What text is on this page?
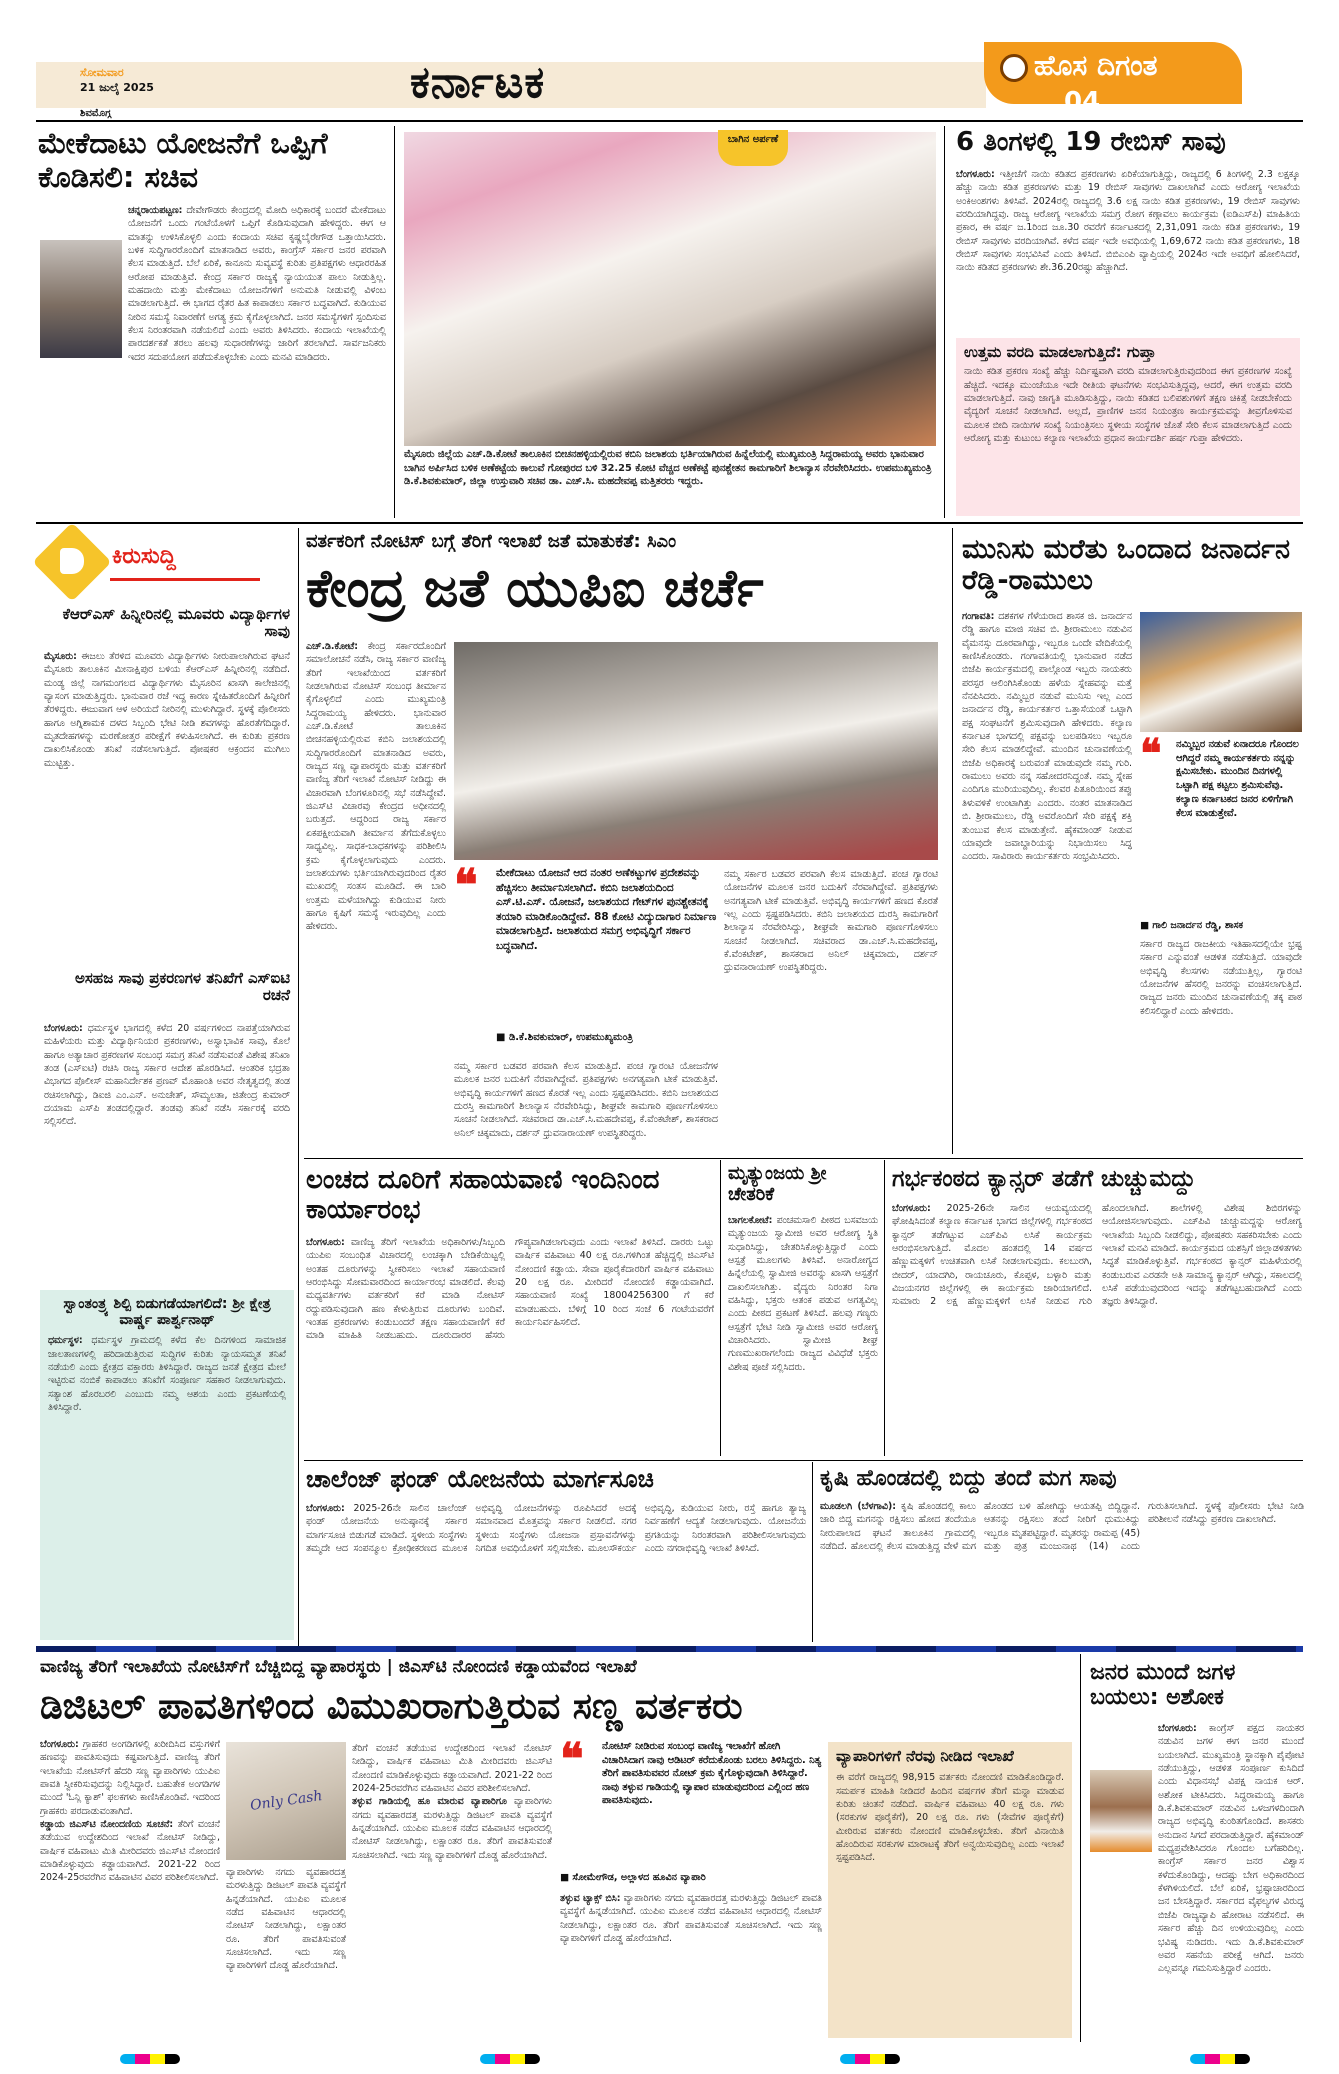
ಸೋಮವಾರ
21 ಜುಲೈ 2025
ಶಿವಮೊಗ್ಗ
ಕರ್ನಾಟಕ	ಹೊಸ ದಿಗಂತ
04
ಮೇಕೆದಾಟು ಯೋಜನೆಗೆ ಒಪ್ಪಿಗೆ ಕೊಡಿಸಲಿ: ಸಚಿವ
ಚನ್ನರಾಯಪಟ್ಟಣ: ದೇವೇಗೌಡರು ಕೇಂದ್ರದಲ್ಲಿ ಮೋದಿ ಅಧಿಕಾರಕ್ಕೆ ಬಂದರೆ ಮೇಕೆದಾಟು ಯೋಜನೆಗೆ ಒಂದು ಗಂಟೆಯೊಳಗೆ ಒಪ್ಪಿಗೆ ಕೊಡಿಸುವುದಾಗಿ ಹೇಳಿದ್ದರು. ಈಗ ಆ ಮಾತನ್ನು ಉಳಿಸಿಕೊಳ್ಳಲಿ ಎಂದು ಕಂದಾಯ ಸಚಿವ ಕೃಷ್ಣಬೈರೇಗೌಡ ಒತ್ತಾಯಿಸಿದರು. ಬಳಿಕ ಸುದ್ದಿಗಾರರೊಂದಿಗೆ ಮಾತನಾಡಿದ ಅವರು, ಕಾಂಗ್ರೆಸ್ ಸರ್ಕಾರ ಜನರ ಪರವಾಗಿ ಕೆಲಸ ಮಾಡುತ್ತಿದೆ. ಬೆಲೆ ಏರಿಕೆ, ಕಾನೂನು ಸುವ್ಯವಸ್ಥೆ ಕುರಿತು ಪ್ರತಿಪಕ್ಷಗಳು ಆಧಾರರಹಿತ ಆರೋಪ ಮಾಡುತ್ತಿವೆ. ಕೇಂದ್ರ ಸರ್ಕಾರ ರಾಜ್ಯಕ್ಕೆ ನ್ಯಾಯಯುತ ಪಾಲು ನೀಡುತ್ತಿಲ್ಲ. ಮಹದಾಯಿ ಮತ್ತು ಮೇಕೆದಾಟು ಯೋಜನೆಗಳಿಗೆ ಅನುಮತಿ ನೀಡುವಲ್ಲಿ ವಿಳಂಬ ಮಾಡಲಾಗುತ್ತಿದೆ. ಈ ಭಾಗದ ರೈತರ ಹಿತ ಕಾಪಾಡಲು ಸರ್ಕಾರ ಬದ್ಧವಾಗಿದೆ. ಕುಡಿಯುವ ನೀರಿನ ಸಮಸ್ಯೆ ನಿವಾರಣೆಗೆ ಅಗತ್ಯ ಕ್ರಮ ಕೈಗೊಳ್ಳಲಾಗಿದೆ. ಜನರ ಸಮಸ್ಯೆಗಳಿಗೆ ಸ್ಪಂದಿಸುವ ಕೆಲಸ ನಿರಂತರವಾಗಿ ನಡೆಯಲಿದೆ ಎಂದು ಅವರು ತಿಳಿಸಿದರು. ಕಂದಾಯ ಇಲಾಖೆಯಲ್ಲಿ ಪಾರದರ್ಶಕತೆ ತರಲು ಹಲವು ಸುಧಾರಣೆಗಳನ್ನು ಜಾರಿಗೆ ತರಲಾಗಿದೆ. ಸಾರ್ವಜನಿಕರು ಇದರ ಸದುಪಯೋಗ ಪಡೆದುಕೊಳ್ಳಬೇಕು ಎಂದು ಮನವಿ ಮಾಡಿದರು.
ಬಾಗಿನ ಅರ್ಪಣೆ
ಮೈಸೂರು ಜಿಲ್ಲೆಯ ಎಚ್.ಡಿ.ಕೋಟೆ ತಾಲೂಕಿನ ಬೀಚನಹಳ್ಳಿಯಲ್ಲಿರುವ ಕಬಿನಿ ಜಲಾಶಯ ಭರ್ತಿಯಾಗಿರುವ ಹಿನ್ನೆಲೆಯಲ್ಲಿ ಮುಖ್ಯಮಂತ್ರಿ ಸಿದ್ದರಾಮಯ್ಯ ಅವರು ಭಾನುವಾರ ಬಾಗಿನ ಅರ್ಪಿಸಿದ ಬಳಿಕ ಅಣೆಕಟ್ಟೆಯ ಕಾಲುವೆ ಗೋಪುರದ ಬಳಿ 32.25 ಕೋಟಿ ವೆಚ್ಚದ ಅಣೆಕಟ್ಟೆ ಪುನಶ್ಚೇತನ ಕಾಮಗಾರಿಗೆ ಶಿಲಾನ್ಯಾಸ ನೆರವೇರಿಸಿದರು. ಉಪಮುಖ್ಯಮಂತ್ರಿ ಡಿ.ಕೆ.ಶಿವಕುಮಾರ್, ಜಿಲ್ಲಾ ಉಸ್ತುವಾರಿ ಸಚಿವ ಡಾ. ಎಚ್.ಸಿ. ಮಹದೇವಪ್ಪ ಮತ್ತಿತರರು ಇದ್ದರು.
6 ತಿಂಗಳಲ್ಲಿ 19 ರೇಬಿಸ್ ಸಾವು
ಬೆಂಗಳೂರು: ಇತ್ತೀಚೆಗೆ ನಾಯಿ ಕಡಿತದ ಪ್ರಕರಣಗಳು ಏರಿಕೆಯಾಗುತ್ತಿದ್ದು, ರಾಜ್ಯದಲ್ಲಿ 6 ತಿಂಗಳಲ್ಲಿ 2.3 ಲಕ್ಷಕ್ಕೂ ಹೆಚ್ಚು ನಾಯಿ ಕಡಿತ ಪ್ರಕರಣಗಳು ಮತ್ತು 19 ರೇಬಿಸ್ ಸಾವುಗಳು ದಾಖಲಾಗಿವೆ ಎಂದು ಆರೋಗ್ಯ ಇಲಾಖೆಯ ಅಂಕಿಅಂಶಗಳು ತಿಳಿಸಿವೆ. 2024ರಲ್ಲಿ ರಾಜ್ಯದಲ್ಲಿ 3.6 ಲಕ್ಷ ನಾಯಿ ಕಡಿತ ಪ್ರಕರಣಗಳು, 19 ರೇಬಿಸ್ ಸಾವುಗಳು ವರದಿಯಾಗಿದ್ದವು. ರಾಜ್ಯ ಆರೋಗ್ಯ ಇಲಾಖೆಯ ಸಮಗ್ರ ರೋಗ ಕಣ್ಗಾವಲು ಕಾರ್ಯಕ್ರಮ (ಐಡಿಎಸ್‌ಪಿ) ಮಾಹಿತಿಯ ಪ್ರಕಾರ, ಈ ವರ್ಷ ಜ.1ರಿಂದ ಜೂ.30 ರವರೆಗೆ ಕರ್ನಾಟಕದಲ್ಲಿ 2,31,091 ನಾಯಿ ಕಡಿತ ಪ್ರಕರಣಗಳು, 19 ರೇಬಿಸ್ ಸಾವುಗಳು ವರದಿಯಾಗಿವೆ. ಕಳೆದ ವರ್ಷ ಇದೇ ಅವಧಿಯಲ್ಲಿ 1,69,672 ನಾಯಿ ಕಡಿತ ಪ್ರಕರಣಗಳು, 18 ರೇಬಿಸ್ ಸಾವುಗಳು ಸಂಭವಿಸಿವೆ ಎಂದು ತಿಳಿಸಿದೆ. ಬಿಬಿಎಂಪಿ ವ್ಯಾಪ್ತಿಯಲ್ಲಿ 2024ರ ಇದೇ ಅವಧಿಗೆ ಹೋಲಿಸಿದರೆ, ನಾಯಿ ಕಡಿತದ ಪ್ರಕರಣಗಳು ಶೇ.36.20ರಷ್ಟು ಹೆಚ್ಚಾಗಿದೆ.
ಉತ್ತಮ ವರದಿ ಮಾಡಲಾಗುತ್ತಿದೆ: ಗುಪ್ತಾ
ನಾಯಿ ಕಡಿತ ಪ್ರಕರಣ ಸಂಖ್ಯೆ ಹೆಚ್ಚು ನಿರ್ದಿಷ್ಟವಾಗಿ ವರದಿ ಮಾಡಲಾಗುತ್ತಿರುವುದರಿಂದ ಈಗ ಪ್ರಕರಣಗಳ ಸಂಖ್ಯೆ ಹೆಚ್ಚಿದೆ. ಇದಕ್ಕೂ ಮುಂಚೆಯೂ ಇದೇ ರೀತಿಯ ಘಟನೆಗಳು ಸಂಭವಿಸುತ್ತಿದ್ದವು, ಆದರೆ, ಈಗ ಉತ್ತಮ ವರದಿ ಮಾಡಲಾಗುತ್ತಿದೆ. ನಾವು ಜಾಗೃತಿ ಮೂಡಿಸುತ್ತಿದ್ದು, ನಾಯಿ ಕಡಿತದ ಬಲಿಪಶುಗಳಿಗೆ ತಕ್ಷಣ ಚಿಕಿತ್ಸೆ ನೀಡಬೇಕೆಂದು ವೈದ್ಯರಿಗೆ ಸೂಚನೆ ನೀಡಲಾಗಿದೆ. ಅಲ್ಲದೆ, ಪ್ರಾಣಿಗಳ ಜನನ ನಿಯಂತ್ರಣ ಕಾರ್ಯಕ್ರಮವನ್ನು ತೀವ್ರಗೊಳಿಸುವ ಮೂಲಕ ಬೀದಿ ನಾಯಿಗಳ ಸಂಖ್ಯೆ ನಿಯಂತ್ರಿಸಲು ಸ್ಥಳೀಯ ಸಂಸ್ಥೆಗಳ ಜೊತೆ ಸೇರಿ ಕೆಲಸ ಮಾಡಲಾಗುತ್ತಿದೆ ಎಂದು ಆರೋಗ್ಯ ಮತ್ತು ಕುಟುಂಬ ಕಲ್ಯಾಣ ಇಲಾಖೆಯ ಪ್ರಧಾನ ಕಾರ್ಯದರ್ಶಿ ಹರ್ಷ ಗುಪ್ತಾ ಹೇಳಿದರು.
ಕಿರುಸುದ್ದಿ
ಕೆಆರ್‌ಎಸ್ ಹಿನ್ನೀರಿನಲ್ಲಿ ಮೂವರು ವಿದ್ಯಾರ್ಥಿಗಳ ಸಾವು
ಮೈಸೂರು: ಈಜಲು ತೆರಳಿದ ಮೂವರು ವಿದ್ಯಾರ್ಥಿಗಳು ನೀರುಪಾಲಾಗಿರುವ ಘಟನೆ ಮೈಸೂರು ತಾಲೂಕಿನ ಮೀನಾಕ್ಷಿಪುರ ಬಳಿಯ ಕೆಆರ್‌ಎಸ್ ಹಿನ್ನೀರಿನಲ್ಲಿ ನಡೆದಿದೆ. ಮಂಡ್ಯ ಜಿಲ್ಲೆ ನಾಗಮಂಗಲದ ವಿದ್ಯಾರ್ಥಿಗಳು ಮೈಸೂರಿನ ಖಾಸಗಿ ಕಾಲೇಜಿನಲ್ಲಿ ವ್ಯಾಸಂಗ ಮಾಡುತ್ತಿದ್ದರು. ಭಾನುವಾರ ರಜೆ ಇದ್ದ ಕಾರಣ ಸ್ನೇಹಿತರೊಂದಿಗೆ ಹಿನ್ನೀರಿಗೆ ತೆರಳಿದ್ದರು. ಈಜುವಾಗ ಆಳ ಅರಿಯದೆ ನೀರಿನಲ್ಲಿ ಮುಳುಗಿದ್ದಾರೆ. ಸ್ಥಳಕ್ಕೆ ಪೊಲೀಸರು ಹಾಗೂ ಅಗ್ನಿಶಾಮಕ ದಳದ ಸಿಬ್ಬಂದಿ ಭೇಟಿ ನೀಡಿ ಶವಗಳನ್ನು ಹೊರತೆಗೆದಿದ್ದಾರೆ. ಮೃತದೇಹಗಳನ್ನು ಮರಣೋತ್ತರ ಪರೀಕ್ಷೆಗೆ ಕಳುಹಿಸಲಾಗಿದೆ. ಈ ಕುರಿತು ಪ್ರಕರಣ ದಾಖಲಿಸಿಕೊಂಡು ತನಿಖೆ ನಡೆಸಲಾಗುತ್ತಿದೆ. ಪೋಷಕರ ಆಕ್ರಂದನ ಮುಗಿಲು ಮುಟ್ಟಿತ್ತು.
ಅಸಹಜ ಸಾವು ಪ್ರಕರಣಗಳ ತನಿಖೆಗೆ ಎಸ್‌ಐಟಿ ರಚನೆ
ಬೆಂಗಳೂರು: ಧರ್ಮಸ್ಥಳ ಭಾಗದಲ್ಲಿ ಕಳೆದ 20 ವರ್ಷಗಳಿಂದ ನಾಪತ್ತೆಯಾಗಿರುವ ಮಹಿಳೆಯರು ಮತ್ತು ವಿದ್ಯಾರ್ಥಿನಿಯರ ಪ್ರಕರಣಗಳು, ಅಸ್ವಾಭಾವಿಕ ಸಾವು, ಕೊಲೆ ಹಾಗೂ ಅತ್ಯಾಚಾರ ಪ್ರಕರಣಗಳ ಸಂಬಂಧ ಸಮಗ್ರ ತನಿಖೆ ನಡೆಸುವಂತೆ ವಿಶೇಷ ತನಿಖಾ ತಂಡ (ಎಸ್‌ಐಟಿ) ರಚಿಸಿ ರಾಜ್ಯ ಸರ್ಕಾರ ಆದೇಶ ಹೊರಡಿಸಿದೆ. ಆಂತರಿಕ ಭದ್ರತಾ ವಿಭಾಗದ ಪೊಲೀಸ್ ಮಹಾನಿರ್ದೇಶಕ ಪ್ರಣವ್ ಮೊಹಾಂತಿ ಅವರ ನೇತೃತ್ವದಲ್ಲಿ ತಂಡ ರಚಿಸಲಾಗಿದ್ದು, ಡಿಐಜಿ ಎಂ.ಎನ್. ಅನುಚೇತ್, ಸೌಮ್ಯಲತಾ, ಜಿತೇಂದ್ರ ಕುಮಾರ್ ದಯಾಮ ಎಸ್‌ಪಿ ತಂಡದಲ್ಲಿದ್ದಾರೆ. ತಂಡವು ತನಿಖೆ ನಡೆಸಿ ಸರ್ಕಾರಕ್ಕೆ ವರದಿ ಸಲ್ಲಿಸಲಿದೆ.
ಸ್ವಾಂತಂತ್ರ್ಯ ಶಿಲ್ಪಿ ಬಿಡುಗಡೆಯಾಗಲಿದೆ: ಶ್ರೀ ಕ್ಷೇತ್ರ ವಾರ್ಷ್ಣ ಪಾರ್ಶ್ವನಾಥ್
ಧರ್ಮಸ್ಥಳ: ಧರ್ಮಸ್ಥಳ ಗ್ರಾಮದಲ್ಲಿ ಕಳೆದ ಕೆಲ ದಿನಗಳಿಂದ ಸಾಮಾಜಿಕ ಜಾಲತಾಣಗಳಲ್ಲಿ ಹರಿದಾಡುತ್ತಿರುವ ಸುದ್ದಿಗಳ ಕುರಿತು ನ್ಯಾಯಸಮ್ಮತ ತನಿಖೆ ನಡೆಯಲಿ ಎಂದು ಕ್ಷೇತ್ರದ ವಕ್ತಾರರು ತಿಳಿಸಿದ್ದಾರೆ. ರಾಜ್ಯದ ಜನತೆ ಕ್ಷೇತ್ರದ ಮೇಲೆ ಇಟ್ಟಿರುವ ನಂಬಿಕೆ ಕಾಪಾಡಲು ತನಿಖೆಗೆ ಸಂಪೂರ್ಣ ಸಹಕಾರ ನೀಡಲಾಗುವುದು. ಸತ್ಯಾಂಶ ಹೊರಬರಲಿ ಎಂಬುದು ನಮ್ಮ ಆಶಯ ಎಂದು ಪ್ರಕಟಣೆಯಲ್ಲಿ ತಿಳಿಸಿದ್ದಾರೆ.
ವರ್ತಕರಿಗೆ ನೋಟಿಸ್ ಬಗ್ಗೆ ತೆರಿಗೆ ಇಲಾಖೆ ಜತೆ ಮಾತುಕತೆ: ಸಿಎಂ
ಕೇಂದ್ರ ಜತೆ ಯುಪಿಐ ಚರ್ಚೆ
ಎಚ್.ಡಿ.ಕೋಟೆ: ಕೇಂದ್ರ ಸರ್ಕಾರದೊಂದಿಗೆ ಸಮಾಲೋಚನೆ ನಡೆಸಿ, ರಾಜ್ಯ ಸರ್ಕಾರ ವಾಣಿಜ್ಯ ತೆರಿಗೆ ಇಲಾಖೆಯಿಂದ ವರ್ತಕರಿಗೆ ನೀಡಲಾಗಿರುವ ನೋಟಿಸ್ ಸಂಬಂಧ ತೀರ್ಮಾನ ಕೈಗೊಳ್ಳಲಿದೆ ಎಂದು ಮುಖ್ಯಮಂತ್ರಿ ಸಿದ್ದರಾಮಯ್ಯ ಹೇಳಿದರು. ಭಾನುವಾರ ಎಚ್.ಡಿ.ಕೋಟೆ ತಾಲೂಕಿನ ಬೀಚನಹಳ್ಳಿಯಲ್ಲಿರುವ ಕಬಿನಿ ಜಲಾಶಯದಲ್ಲಿ ಸುದ್ದಿಗಾರರೊಂದಿಗೆ ಮಾತನಾಡಿದ ಅವರು, ರಾಜ್ಯದ ಸಣ್ಣ ವ್ಯಾಪಾರಸ್ಥರು ಮತ್ತು ವರ್ತಕರಿಗೆ ವಾಣಿಜ್ಯ ತೆರಿಗೆ ಇಲಾಖೆ ನೋಟಿಸ್ ನೀಡಿದ್ದು ಈ ವಿಚಾರವಾಗಿ ಬೆಂಗಳೂರಿನಲ್ಲಿ ಸಭೆ ನಡೆಸಿದ್ದೇವೆ. ಜಿಎಸ್‌ಟಿ ವಿಚಾರವು ಕೇಂದ್ರದ ಅಧೀನದಲ್ಲಿ ಬರುತ್ತದೆ. ಆದ್ದರಿಂದ ರಾಜ್ಯ ಸರ್ಕಾರ ಏಕಪಕ್ಷೀಯವಾಗಿ ತೀರ್ಮಾನ ತೆಗೆದುಕೊಳ್ಳಲು ಸಾಧ್ಯವಿಲ್ಲ. ಸಾಧಕ-ಬಾಧಕಗಳನ್ನು ಪರಿಶೀಲಿಸಿ ಕ್ರಮ ಕೈಗೊಳ್ಳಲಾಗುವುದು ಎಂದರು. ಜಲಾಶಯಗಳು ಭರ್ತಿಯಾಗಿರುವುದರಿಂದ ರೈತರ ಮುಖದಲ್ಲಿ ಸಂತಸ ಮೂಡಿದೆ. ಈ ಬಾರಿ ಉತ್ತಮ ಮಳೆಯಾಗಿದ್ದು ಕುಡಿಯುವ ನೀರು ಹಾಗೂ ಕೃಷಿಗೆ ಸಮಸ್ಯೆ ಇರುವುದಿಲ್ಲ ಎಂದು ಹೇಳಿದರು.
❝ ಮೇಕೆದಾಟು ಯೋಜನೆ ಆದ ನಂತರ ಅಣೆಕಟ್ಟುಗಳ ಪ್ರದೇಶವನ್ನು ಹೆಚ್ಚಿಸಲು ತೀರ್ಮಾನಿಸಲಾಗಿದೆ. ಕಬಿನಿ ಜಲಾಶಯದಿಂದ ಎಸ್.ಟಿ.ಎಸ್. ಯೋಜನೆ, ಜಲಾಶಯದ ಗೇಟ್‌ಗಳ ಪುನಶ್ಚೇತನಕ್ಕೆ ತಯಾರಿ ಮಾಡಿಕೊಂಡಿದ್ದೇವೆ. 88 ಕೋಟಿ ವಿದ್ಯುದಾಗಾರ ನಿರ್ಮಾಣ ಮಾಡಲಾಗುತ್ತಿದೆ. ಜಲಾಶಯದ ಸಮಗ್ರ ಅಭಿವೃದ್ಧಿಗೆ ಸರ್ಕಾರ ಬದ್ಧವಾಗಿದೆ.
■ ಡಿ.ಕೆ.ಶಿವಕುಮಾರ್, ಉಪಮುಖ್ಯಮಂತ್ರಿ
ನಮ್ಮ ಸರ್ಕಾರ ಬಡವರ ಪರವಾಗಿ ಕೆಲಸ ಮಾಡುತ್ತಿದೆ. ಪಂಚ ಗ್ಯಾರಂಟಿ ಯೋಜನೆಗಳ ಮೂಲಕ ಜನರ ಬದುಕಿಗೆ ನೆರವಾಗಿದ್ದೇವೆ. ಪ್ರತಿಪಕ್ಷಗಳು ಅನಗತ್ಯವಾಗಿ ಟೀಕೆ ಮಾಡುತ್ತಿವೆ. ಅಭಿವೃದ್ಧಿ ಕಾರ್ಯಗಳಿಗೆ ಹಣದ ಕೊರತೆ ಇಲ್ಲ ಎಂದು ಸ್ಪಷ್ಟಪಡಿಸಿದರು. ಕಬಿನಿ ಜಲಾಶಯದ ದುರಸ್ತಿ ಕಾಮಗಾರಿಗೆ ಶಿಲಾನ್ಯಾಸ ನೆರವೇರಿಸಿದ್ದು, ಶೀಘ್ರವೇ ಕಾಮಗಾರಿ ಪೂರ್ಣಗೊಳಿಸಲು ಸೂಚನೆ ನೀಡಲಾಗಿದೆ. ಸಚಿವರಾದ ಡಾ.ಎಚ್.ಸಿ.ಮಹದೇವಪ್ಪ, ಕೆ.ವೆಂಕಟೇಶ್, ಶಾಸಕರಾದ ಅನಿಲ್ ಚಿಕ್ಕಮಾದು, ದರ್ಶನ್ ಧ್ರುವನಾರಾಯಣ್ ಉಪಸ್ಥಿತರಿದ್ದರು.
ನಮ್ಮ ಸರ್ಕಾರ ಬಡವರ ಪರವಾಗಿ ಕೆಲಸ ಮಾಡುತ್ತಿದೆ. ಪಂಚ ಗ್ಯಾರಂಟಿ ಯೋಜನೆಗಳ ಮೂಲಕ ಜನರ ಬದುಕಿಗೆ ನೆರವಾಗಿದ್ದೇವೆ. ಪ್ರತಿಪಕ್ಷಗಳು ಅನಗತ್ಯವಾಗಿ ಟೀಕೆ ಮಾಡುತ್ತಿವೆ. ಅಭಿವೃದ್ಧಿ ಕಾರ್ಯಗಳಿಗೆ ಹಣದ ಕೊರತೆ ಇಲ್ಲ ಎಂದು ಸ್ಪಷ್ಟಪಡಿಸಿದರು. ಕಬಿನಿ ಜಲಾಶಯದ ದುರಸ್ತಿ ಕಾಮಗಾರಿಗೆ ಶಿಲಾನ್ಯಾಸ ನೆರವೇರಿಸಿದ್ದು, ಶೀಘ್ರವೇ ಕಾಮಗಾರಿ ಪೂರ್ಣಗೊಳಿಸಲು ಸೂಚನೆ ನೀಡಲಾಗಿದೆ. ಸಚಿವರಾದ ಡಾ.ಎಚ್.ಸಿ.ಮಹದೇವಪ್ಪ, ಕೆ.ವೆಂಕಟೇಶ್, ಶಾಸಕರಾದ ಅನಿಲ್ ಚಿಕ್ಕಮಾದು, ದರ್ಶನ್ ಧ್ರುವನಾರಾಯಣ್ ಉಪಸ್ಥಿತರಿದ್ದರು.
ಮುನಿಸು ಮರೆತು ಒಂದಾದ ಜನಾರ್ದನ ರೆಡ್ಡಿ-ರಾಮುಲು
ಗಂಗಾವತಿ: ದಶಕಗಳ ಗೆಳೆಯರಾದ ಶಾಸಕ ಜಿ. ಜನಾರ್ದನ ರೆಡ್ಡಿ ಹಾಗೂ ಮಾಜಿ ಸಚಿವ ಬಿ. ಶ್ರೀರಾಮುಲು ನಡುವಿನ ವೈಮನಸ್ಸು ದೂರವಾಗಿದ್ದು, ಇಬ್ಬರೂ ಒಂದೇ ವೇದಿಕೆಯಲ್ಲಿ ಕಾಣಿಸಿಕೊಂಡರು. ಗಂಗಾವತಿಯಲ್ಲಿ ಭಾನುವಾರ ನಡೆದ ಬಿಜೆಪಿ ಕಾರ್ಯಕ್ರಮದಲ್ಲಿ ಪಾಲ್ಗೊಂಡ ಇಬ್ಬರು ನಾಯಕರು ಪರಸ್ಪರ ಆಲಿಂಗಿಸಿಕೊಂಡು ಹಳೆಯ ಸ್ನೇಹವನ್ನು ಮತ್ತೆ ನೆನಪಿಸಿದರು. ನಮ್ಮಿಬ್ಬರ ನಡುವೆ ಮುನಿಸು ಇಲ್ಲ ಎಂದ ಜನಾರ್ದನ ರೆಡ್ಡಿ, ಕಾರ್ಯಕರ್ತರ ಒತ್ತಾಸೆಯಂತೆ ಒಟ್ಟಾಗಿ ಪಕ್ಷ ಸಂಘಟನೆಗೆ ಶ್ರಮಿಸುವುದಾಗಿ ಹೇಳಿದರು. ಕಲ್ಯಾಣ ಕರ್ನಾಟಕ ಭಾಗದಲ್ಲಿ ಪಕ್ಷವನ್ನು ಬಲಪಡಿಸಲು ಇಬ್ಬರೂ ಸೇರಿ ಕೆಲಸ ಮಾಡಲಿದ್ದೇವೆ. ಮುಂದಿನ ಚುನಾವಣೆಯಲ್ಲಿ ಬಿಜೆಪಿ ಅಧಿಕಾರಕ್ಕೆ ಬರುವಂತೆ ಮಾಡುವುದೇ ನಮ್ಮ ಗುರಿ. ರಾಮುಲು ಅವರು ನನ್ನ ಸಹೋದರನಿದ್ದಂತೆ. ನಮ್ಮ ಸ್ನೇಹ ಎಂದಿಗೂ ಮುರಿಯುವುದಿಲ್ಲ. ಕೆಲವರ ಪಿತೂರಿಯಿಂದ ತಪ್ಪು ತಿಳುವಳಿಕೆ ಉಂಟಾಗಿತ್ತು ಎಂದರು. ನಂತರ ಮಾತನಾಡಿದ ಬಿ. ಶ್ರೀರಾಮುಲು, ರೆಡ್ಡಿ ಅವರೊಂದಿಗೆ ಸೇರಿ ಪಕ್ಷಕ್ಕೆ ಶಕ್ತಿ ತುಂಬುವ ಕೆಲಸ ಮಾಡುತ್ತೇನೆ. ಹೈಕಮಾಂಡ್ ನೀಡುವ ಯಾವುದೇ ಜವಾಬ್ದಾರಿಯನ್ನು ನಿಭಾಯಿಸಲು ಸಿದ್ಧ ಎಂದರು. ಸಾವಿರಾರು ಕಾರ್ಯಕರ್ತರು ಸಂಭ್ರಮಿಸಿದರು.
❝ ನಮ್ಮಿಬ್ಬರ ನಡುವೆ ಏನಾದರೂ ಗೊಂದಲ ಆಗಿದ್ದರೆ ನಮ್ಮ ಕಾರ್ಯಕರ್ತರು ನನ್ನನ್ನು ಕ್ಷಮಿಸಬೇಕು. ಮುಂದಿನ ದಿನಗಳಲ್ಲಿ ಒಟ್ಟಾಗಿ ಪಕ್ಷ ಕಟ್ಟಲು ಶ್ರಮಿಸುವೆವು. ಕಲ್ಯಾಣ ಕರ್ನಾಟಕದ ಜನರ ಏಳಿಗೆಗಾಗಿ ಕೆಲಸ ಮಾಡುತ್ತೇವೆ.
■ ಗಾಲಿ ಜನಾರ್ದನ ರೆಡ್ಡಿ, ಶಾಸಕ
ಸರ್ಕಾರ ರಾಜ್ಯದ ರಾಜಕೀಯ ಇತಿಹಾಸದಲ್ಲಿಯೇ ಭ್ರಷ್ಟ ಸರ್ಕಾರ ಎನ್ನುವಂತೆ ಆಡಳಿತ ನಡೆಸುತ್ತಿದೆ. ಯಾವುದೇ ಅಭಿವೃದ್ಧಿ ಕೆಲಸಗಳು ನಡೆಯುತ್ತಿಲ್ಲ, ಗ್ಯಾರಂಟಿ ಯೋಜನೆಗಳ ಹೆಸರಲ್ಲಿ ಜನರನ್ನು ವಂಚಿಸಲಾಗುತ್ತಿದೆ. ರಾಜ್ಯದ ಜನರು ಮುಂದಿನ ಚುನಾವಣೆಯಲ್ಲಿ ತಕ್ಕ ಪಾಠ ಕಲಿಸಲಿದ್ದಾರೆ ಎಂದು ಹೇಳಿದರು.
ಲಂಚದ ದೂರಿಗೆ ಸಹಾಯವಾಣಿ ಇಂದಿನಿಂದ ಕಾರ್ಯಾರಂಭ
ಬೆಂಗಳೂರು: ವಾಣಿಜ್ಯ ತೆರಿಗೆ ಇಲಾಖೆಯ ಅಧಿಕಾರಿಗಳು/ಸಿಬ್ಬಂದಿ ಯುಪಿಐ ಸಂಬಂಧಿತ ವಿಚಾರದಲ್ಲಿ ಲಂಚಕ್ಕಾಗಿ ಬೇಡಿಕೆಯಿಟ್ಟಲ್ಲಿ ಅಂತಹ ದೂರುಗಳನ್ನು ಸ್ವೀಕರಿಸಲು ಇಲಾಖೆ ಸಹಾಯವಾಣಿ ಆರಂಭಿಸಿದ್ದು ಸೋಮವಾರದಿಂದ ಕಾರ್ಯಾರಂಭ ಮಾಡಲಿದೆ. ಕೆಲವು ಮಧ್ಯವರ್ತಿಗಳು ವರ್ತಕರಿಗೆ ಕರೆ ಮಾಡಿ ನೋಟಿಸ್ ರದ್ದುಪಡಿಸುವುದಾಗಿ ಹಣ ಕೇಳುತ್ತಿರುವ ದೂರುಗಳು ಬಂದಿವೆ. ಇಂತಹ ಪ್ರಕರಣಗಳು ಕಂಡುಬಂದರೆ ತಕ್ಷಣ ಸಹಾಯವಾಣಿಗೆ ಕರೆ ಮಾಡಿ ಮಾಹಿತಿ ನೀಡಬಹುದು. ದೂರುದಾರರ ಹೆಸರು ಗೌಪ್ಯವಾಗಿಡಲಾಗುವುದು ಎಂದು ಇಲಾಖೆ ತಿಳಿಸಿದೆ. ದಾರರು ಒಟ್ಟು ವಾರ್ಷಿಕ ವಹಿವಾಟು 40 ಲಕ್ಷ ರೂ.ಗಳಿಗಿಂತ ಹೆಚ್ಚಿದ್ದಲ್ಲಿ ಜಿಎಸ್‌ಟಿ ನೋಂದಣಿ ಕಡ್ಡಾಯ. ಸೇವಾ ಪೂರೈಕೆದಾರರಿಗೆ ವಾರ್ಷಿಕ ವಹಿವಾಟು 20 ಲಕ್ಷ ರೂ. ಮೀರಿದರೆ ನೋಂದಣಿ ಕಡ್ಡಾಯವಾಗಿದೆ. ಸಹಾಯವಾಣಿ ಸಂಖ್ಯೆ 18004256300 ಗೆ ಕರೆ ಮಾಡಬಹುದು. ಬೆಳಿಗ್ಗೆ 10 ರಿಂದ ಸಂಜೆ 6 ಗಂಟೆಯವರೆಗೆ ಕಾರ್ಯನಿರ್ವಹಿಸಲಿದೆ.
ಮೃತ್ಯುಂಜಯ ಶ್ರೀ ಚೇತರಿಕೆ
ಬಾಗಲಕೋಟೆ: ಪಂಚಮಸಾಲಿ ಪೀಠದ ಬಸವಜಯ ಮೃತ್ಯುಂಜಯ ಸ್ವಾಮೀಜಿ ಅವರ ಆರೋಗ್ಯ ಸ್ಥಿತಿ ಸುಧಾರಿಸಿದ್ದು, ಚೇತರಿಸಿಕೊಳ್ಳುತ್ತಿದ್ದಾರೆ ಎಂದು ಆಸ್ಪತ್ರೆ ಮೂಲಗಳು ತಿಳಿಸಿವೆ. ಅನಾರೋಗ್ಯದ ಹಿನ್ನೆಲೆಯಲ್ಲಿ ಸ್ವಾಮೀಜಿ ಅವರನ್ನು ಖಾಸಗಿ ಆಸ್ಪತ್ರೆಗೆ ದಾಖಲಿಸಲಾಗಿತ್ತು. ವೈದ್ಯರು ನಿರಂತರ ನಿಗಾ ವಹಿಸಿದ್ದು, ಭಕ್ತರು ಆತಂಕ ಪಡುವ ಅಗತ್ಯವಿಲ್ಲ ಎಂದು ಪೀಠದ ಪ್ರಕಟಣೆ ತಿಳಿಸಿದೆ. ಹಲವು ಗಣ್ಯರು ಆಸ್ಪತ್ರೆಗೆ ಭೇಟಿ ನೀಡಿ ಸ್ವಾಮೀಜಿ ಅವರ ಆರೋಗ್ಯ ವಿಚಾರಿಸಿದರು. ಸ್ವಾಮೀಜಿ ಶೀಘ್ರ ಗುಣಮುಖರಾಗಲೆಂದು ರಾಜ್ಯದ ವಿವಿಧೆಡೆ ಭಕ್ತರು ವಿಶೇಷ ಪೂಜೆ ಸಲ್ಲಿಸಿದರು.
ಗರ್ಭಕಂಠದ ಕ್ಯಾನ್ಸರ್ ತಡೆಗೆ ಚುಚ್ಚುಮದ್ದು
ಬೆಂಗಳೂರು: 2025-26ನೇ ಸಾಲಿನ ಆಯವ್ಯಯದಲ್ಲಿ ಘೋಷಿಸಿದಂತೆ ಕಲ್ಯಾಣ ಕರ್ನಾಟಕ ಭಾಗದ ಜಿಲ್ಲೆಗಳಲ್ಲಿ ಗರ್ಭಕಂಠದ ಕ್ಯಾನ್ಸರ್ ತಡೆಗಟ್ಟುವ ಎಚ್‌ಪಿವಿ ಲಸಿಕೆ ಕಾರ್ಯಕ್ರಮ ಆರಂಭಿಸಲಾಗುತ್ತಿದೆ. ಮೊದಲ ಹಂತದಲ್ಲಿ 14 ವರ್ಷದ ಹೆಣ್ಣುಮಕ್ಕಳಿಗೆ ಉಚಿತವಾಗಿ ಲಸಿಕೆ ನೀಡಲಾಗುವುದು. ಕಲಬುರಗಿ, ಬೀದರ್, ಯಾದಗಿರಿ, ರಾಯಚೂರು, ಕೊಪ್ಪಳ, ಬಳ್ಳಾರಿ ಮತ್ತು ವಿಜಯನಗರ ಜಿಲ್ಲೆಗಳಲ್ಲಿ ಈ ಕಾರ್ಯಕ್ರಮ ಜಾರಿಯಾಗಲಿದೆ. ಸುಮಾರು 2 ಲಕ್ಷ ಹೆಣ್ಣುಮಕ್ಕಳಿಗೆ ಲಸಿಕೆ ನೀಡುವ ಗುರಿ ಹೊಂದಲಾಗಿದೆ. ಶಾಲೆಗಳಲ್ಲಿ ವಿಶೇಷ ಶಿಬಿರಗಳನ್ನು ಆಯೋಜಿಸಲಾಗುವುದು. ಎಚ್‌ಪಿವಿ ಚುಚ್ಚುಮದ್ದನ್ನು ಆರೋಗ್ಯ ಇಲಾಖೆಯ ಸಿಬ್ಬಂದಿ ನೀಡಲಿದ್ದು, ಪೋಷಕರು ಸಹಕರಿಸಬೇಕು ಎಂದು ಇಲಾಖೆ ಮನವಿ ಮಾಡಿದೆ. ಕಾರ್ಯಕ್ರಮದ ಯಶಸ್ಸಿಗೆ ಜಿಲ್ಲಾಡಳಿತಗಳು ಸಿದ್ಧತೆ ಮಾಡಿಕೊಳ್ಳುತ್ತಿವೆ. ಗರ್ಭಕಂಠದ ಕ್ಯಾನ್ಸರ್ ಮಹಿಳೆಯರಲ್ಲಿ ಕಂಡುಬರುವ ಎರಡನೇ ಅತಿ ಸಾಮಾನ್ಯ ಕ್ಯಾನ್ಸರ್ ಆಗಿದ್ದು, ಸಕಾಲದಲ್ಲಿ ಲಸಿಕೆ ಪಡೆಯುವುದರಿಂದ ಇದನ್ನು ತಡೆಗಟ್ಟಬಹುದಾಗಿದೆ ಎಂದು ತಜ್ಞರು ತಿಳಿಸಿದ್ದಾರೆ.
ಚಾಲೆಂಜ್ ಫಂಡ್ ಯೋಜನೆಯ ಮಾರ್ಗಸೂಚಿ
ಬೆಂಗಳೂರು: 2025-26ನೇ ಸಾಲಿನ ಚಾಲೆಂಜ್ ಫಂಡ್ ಯೋಜನೆಯ ಅನುಷ್ಠಾನಕ್ಕೆ ಸರ್ಕಾರ ಮಾರ್ಗಸೂಚಿ ಬಿಡುಗಡೆ ಮಾಡಿದೆ. ಸ್ಥಳೀಯ ಸಂಸ್ಥೆಗಳು ತಮ್ಮದೇ ಆದ ಸಂಪನ್ಮೂಲ ಕ್ರೋಢೀಕರಣದ ಮೂಲಕ ಅಭಿವೃದ್ಧಿ ಯೋಜನೆಗಳನ್ನು ರೂಪಿಸಿದರೆ ಅದಕ್ಕೆ ಸಮಾನವಾದ ಮೊತ್ತವನ್ನು ಸರ್ಕಾರ ನೀಡಲಿದೆ. ನಗರ ಸ್ಥಳೀಯ ಸಂಸ್ಥೆಗಳು ಯೋಜನಾ ಪ್ರಸ್ತಾವನೆಗಳನ್ನು ನಿಗದಿತ ಅವಧಿಯೊಳಗೆ ಸಲ್ಲಿಸಬೇಕು. ಮೂಲಸೌಕರ್ಯ ಅಭಿವೃದ್ಧಿ, ಕುಡಿಯುವ ನೀರು, ರಸ್ತೆ ಹಾಗೂ ತ್ಯಾಜ್ಯ ನಿರ್ವಹಣೆಗೆ ಆದ್ಯತೆ ನೀಡಲಾಗುವುದು. ಯೋಜನೆಯ ಪ್ರಗತಿಯನ್ನು ನಿರಂತರವಾಗಿ ಪರಿಶೀಲಿಸಲಾಗುವುದು ಎಂದು ನಗರಾಭಿವೃದ್ಧಿ ಇಲಾಖೆ ತಿಳಿಸಿದೆ.
ಕೃಷಿ ಹೊಂಡದಲ್ಲಿ ಬಿದ್ದು ತಂದೆ ಮಗ ಸಾವು
ಮೂಡಲಗಿ (ಬೆಳಗಾವಿ): ಕೃಷಿ ಹೊಂಡದಲ್ಲಿ ಕಾಲು ಜಾರಿ ಬಿದ್ದ ಮಗನನ್ನು ರಕ್ಷಿಸಲು ಹೋದ ತಂದೆಯೂ ನೀರುಪಾಲಾದ ಘಟನೆ ತಾಲೂಕಿನ ಗ್ರಾಮದಲ್ಲಿ ನಡೆದಿದೆ. ಹೊಲದಲ್ಲಿ ಕೆಲಸ ಮಾಡುತ್ತಿದ್ದ ವೇಳೆ ಮಗ ಹೊಂಡದ ಬಳಿ ಹೋಗಿದ್ದು ಆಯತಪ್ಪಿ ಬಿದ್ದಿದ್ದಾನೆ. ಆತನನ್ನು ರಕ್ಷಿಸಲು ತಂದೆ ನೀರಿಗೆ ಧುಮುಕಿದ್ದು ಇಬ್ಬರೂ ಮೃತಪಟ್ಟಿದ್ದಾರೆ. ಮೃತರನ್ನು ರಾಮಪ್ಪ (45) ಮತ್ತು ಪುತ್ರ ಮಂಜುನಾಥ (14) ಎಂದು ಗುರುತಿಸಲಾಗಿದೆ. ಸ್ಥಳಕ್ಕೆ ಪೊಲೀಸರು ಭೇಟಿ ನೀಡಿ ಪರಿಶೀಲನೆ ನಡೆಸಿದ್ದು ಪ್ರಕರಣ ದಾಖಲಾಗಿದೆ.
ವಾಣಿಜ್ಯ ತೆರಿಗೆ ಇಲಾಖೆಯ ನೋಟಿಸ್‌ಗೆ ಬೆಚ್ಚಿಬಿದ್ದ ವ್ಯಾಪಾರಸ್ಥರು | ಜಿಎಸ್‌ಟಿ ನೋಂದಣಿ ಕಡ್ಡಾಯವೆಂದ ಇಲಾಖೆ
ಡಿಜಿಟಲ್ ಪಾವತಿಗಳಿಂದ ವಿಮುಖರಾಗುತ್ತಿರುವ ಸಣ್ಣ ವರ್ತಕರು
ಬೆಂಗಳೂರು: ಗ್ರಾಹಕರ ಅಂಗಡಿಗಳಲ್ಲಿ ಖರೀದಿಸಿದ ವಸ್ತುಗಳಿಗೆ ಹಣವನ್ನು ಪಾವತಿಸುವುದು ಕಷ್ಟವಾಗುತ್ತಿದೆ. ವಾಣಿಜ್ಯ ತೆರಿಗೆ ಇಲಾಖೆಯ ನೋಟಿಸ್‌ಗೆ ಹೆದರಿ ಸಣ್ಣ ವ್ಯಾಪಾರಿಗಳು ಯುಪಿಐ ಪಾವತಿ ಸ್ವೀಕರಿಸುವುದನ್ನು ನಿಲ್ಲಿಸಿದ್ದಾರೆ. ಬಹುತೇಕ ಅಂಗಡಿಗಳ ಮುಂದೆ 'ಓನ್ಲಿ ಕ್ಯಾಶ್' ಫಲಕಗಳು ಕಾಣಿಸಿಕೊಂಡಿವೆ. ಇದರಿಂದ ಗ್ರಾಹಕರು ಪರದಾಡುವಂತಾಗಿದೆ.

ಕಡ್ಡಾಯ ಜಿಎಸ್‌ಟಿ ನೋಂದಣಿಯ ಸೂಚನೆ: ತೆರಿಗೆ ವಂಚನೆ ತಡೆಯುವ ಉದ್ದೇಶದಿಂದ ಇಲಾಖೆ ನೋಟಿಸ್ ನೀಡಿದ್ದು, ವಾರ್ಷಿಕ ವಹಿವಾಟು ಮಿತಿ ಮೀರಿದವರು ಜಿಎಸ್‌ಟಿ ನೋಂದಣಿ ಮಾಡಿಕೊಳ್ಳುವುದು ಕಡ್ಡಾಯವಾಗಿದೆ. 2021-22 ರಿಂದ 2024-25ರವರೆಗಿನ ವಹಿವಾಟಿನ ವಿವರ ಪರಿಶೀಲಿಸಲಾಗಿದೆ.

Only Cash
ವ್ಯಾಪಾರಿಗಳು ನಗದು ವ್ಯವಹಾರದತ್ತ ಮರಳುತ್ತಿದ್ದು ಡಿಜಿಟಲ್ ಪಾವತಿ ವ್ಯವಸ್ಥೆಗೆ ಹಿನ್ನಡೆಯಾಗಿದೆ. ಯುಪಿಐ ಮೂಲಕ ನಡೆದ ವಹಿವಾಟಿನ ಆಧಾರದಲ್ಲಿ ನೋಟಿಸ್ ನೀಡಲಾಗಿದ್ದು, ಲಕ್ಷಾಂತರ ರೂ. ತೆರಿಗೆ ಪಾವತಿಸುವಂತೆ ಸೂಚಿಸಲಾಗಿದೆ. ಇದು ಸಣ್ಣ ವ್ಯಾಪಾರಿಗಳಿಗೆ ದೊಡ್ಡ ಹೊರೆಯಾಗಿದೆ.
ತೆರಿಗೆ ವಂಚನೆ ತಡೆಯುವ ಉದ್ದೇಶದಿಂದ ಇಲಾಖೆ ನೋಟಿಸ್ ನೀಡಿದ್ದು, ವಾರ್ಷಿಕ ವಹಿವಾಟು ಮಿತಿ ಮೀರಿದವರು ಜಿಎಸ್‌ಟಿ ನೋಂದಣಿ ಮಾಡಿಕೊಳ್ಳುವುದು ಕಡ್ಡಾಯವಾಗಿದೆ. 2021-22 ರಿಂದ 2024-25ರವರೆಗಿನ ವಹಿವಾಟಿನ ವಿವರ ಪರಿಶೀಲಿಸಲಾಗಿದೆ.

ತಳ್ಳುವ ಗಾಡಿಯಲ್ಲಿ ಹೂ ಮಾರುವ ವ್ಯಾಪಾರಿಗೂ ವ್ಯಾಪಾರಿಗಳು ನಗದು ವ್ಯವಹಾರದತ್ತ ಮರಳುತ್ತಿದ್ದು ಡಿಜಿಟಲ್ ಪಾವತಿ ವ್ಯವಸ್ಥೆಗೆ ಹಿನ್ನಡೆಯಾಗಿದೆ. ಯುಪಿಐ ಮೂಲಕ ನಡೆದ ವಹಿವಾಟಿನ ಆಧಾರದಲ್ಲಿ ನೋಟಿಸ್ ನೀಡಲಾಗಿದ್ದು, ಲಕ್ಷಾಂತರ ರೂ. ತೆರಿಗೆ ಪಾವತಿಸುವಂತೆ ಸೂಚಿಸಲಾಗಿದೆ. ಇದು ಸಣ್ಣ ವ್ಯಾಪಾರಿಗಳಿಗೆ ದೊಡ್ಡ ಹೊರೆಯಾಗಿದೆ.

❝ ನೋಟಿಸ್ ನೀಡಿರುವ ಸಂಬಂಧ ವಾಣಿಜ್ಯ ಇಲಾಖೆಗೆ ಹೋಗಿ ವಿಚಾರಿಸಿದಾಗ ನಾವು ಆಡಿಟರ್ ಕರೆದುಕೊಂಡು ಬರಲು ತಿಳಿಸಿದ್ದರು. ನಿತ್ಯ ತೆರಿಗೆ ಪಾವತಿಸುವವರ ನೋಟ್ ಕ್ರಮ ಕೈಗೊಳ್ಳುವುದಾಗಿ ತಿಳಿಸಿದ್ದಾರೆ. ನಾವು ತಳ್ಳುವ ಗಾಡಿಯಲ್ಲಿ ವ್ಯಾಪಾರ ಮಾಡುವುದರಿಂದ ಎಲ್ಲಿಂದ ಹಣ ಪಾವತಿಸುವುದು.
■ ಸೋಮೇಗೌಡ, ಅಲ್ಲಾಳದ ಹೂವಿನ ವ್ಯಾಪಾರಿ
ತಳ್ಳುವ ಟ್ಯಾಕ್ಸ್ ಬಿಸಿ: ವ್ಯಾಪಾರಿಗಳು ನಗದು ವ್ಯವಹಾರದತ್ತ ಮರಳುತ್ತಿದ್ದು ಡಿಜಿಟಲ್ ಪಾವತಿ ವ್ಯವಸ್ಥೆಗೆ ಹಿನ್ನಡೆಯಾಗಿದೆ. ಯುಪಿಐ ಮೂಲಕ ನಡೆದ ವಹಿವಾಟಿನ ಆಧಾರದಲ್ಲಿ ನೋಟಿಸ್ ನೀಡಲಾಗಿದ್ದು, ಲಕ್ಷಾಂತರ ರೂ. ತೆರಿಗೆ ಪಾವತಿಸುವಂತೆ ಸೂಚಿಸಲಾಗಿದೆ. ಇದು ಸಣ್ಣ ವ್ಯಾಪಾರಿಗಳಿಗೆ ದೊಡ್ಡ ಹೊರೆಯಾಗಿದೆ.
ವ್ಯಾಪಾರಿಗಳಿಗೆ ನೆರವು ನೀಡಿದ ಇಲಾಖೆ
ಈ ವರೆಗೆ ರಾಜ್ಯದಲ್ಲಿ 98,915 ವರ್ತಕರು ನೋಂದಣಿ ಮಾಡಿಕೊಂಡಿದ್ದಾರೆ. ಸಮರ್ಪಕ ಮಾಹಿತಿ ನೀಡಿದರೆ ಹಿಂದಿನ ವರ್ಷಗಳ ತೆರಿಗೆ ಮನ್ನಾ ಮಾಡುವ ಕುರಿತು ಚಿಂತನೆ ನಡೆದಿದೆ. ವಾರ್ಷಿಕ ವಹಿವಾಟು 40 ಲಕ್ಷ ರೂ. ಗಳು (ಸರಕುಗಳ ಪೂರೈಕೆಗೆ), 20 ಲಕ್ಷ ರೂ. ಗಳು (ಸೇವೆಗಳ ಪೂರೈಕೆಗೆ) ಮೀರಿರುವ ವರ್ತಕರು ನೋಂದಣಿ ಮಾಡಿಕೊಳ್ಳಬೇಕು. ತೆರಿಗೆ ವಿನಾಯಿತಿ ಹೊಂದಿರುವ ಸರಕುಗಳ ಮಾರಾಟಕ್ಕೆ ತೆರಿಗೆ ಅನ್ವಯಿಸುವುದಿಲ್ಲ ಎಂದು ಇಲಾಖೆ ಸ್ಪಷ್ಟಪಡಿಸಿದೆ.
ಜನರ ಮುಂದೆ ಜಗಳ ಬಯಲು: ಅಶೋಕ
ಬೆಂಗಳೂರು: ಕಾಂಗ್ರೆಸ್ ಪಕ್ಷದ ನಾಯಕರ ನಡುವಿನ ಜಗಳ ಈಗ ಜನರ ಮುಂದೆ ಬಯಲಾಗಿದೆ. ಮುಖ್ಯಮಂತ್ರಿ ಸ್ಥಾನಕ್ಕಾಗಿ ಪೈಪೋಟಿ ನಡೆಯುತ್ತಿದ್ದು, ಆಡಳಿತ ಸಂಪೂರ್ಣ ಕುಸಿದಿದೆ ಎಂದು ವಿಧಾನಸಭೆ ವಿಪಕ್ಷ ನಾಯಕ ಆರ್. ಅಶೋಕ ಟೀಕಿಸಿದರು. ಸಿದ್ದರಾಮಯ್ಯ ಹಾಗೂ ಡಿ.ಕೆ.ಶಿವಕುಮಾರ್ ನಡುವಿನ ಒಳಜಗಳದಿಂದಾಗಿ ರಾಜ್ಯದ ಅಭಿವೃದ್ಧಿ ಕುಂಠಿತಗೊಂಡಿದೆ. ಶಾಸಕರು ಅನುದಾನ ಸಿಗದೆ ಪರದಾಡುತ್ತಿದ್ದಾರೆ. ಹೈಕಮಾಂಡ್ ಮಧ್ಯಪ್ರವೇಶಿಸಿದರೂ ಗೊಂದಲ ಬಗೆಹರಿದಿಲ್ಲ. ಕಾಂಗ್ರೆಸ್ ಸರ್ಕಾರ ಜನರ ವಿಶ್ವಾಸ ಕಳೆದುಕೊಂಡಿದ್ದು, ಆದಷ್ಟು ಬೇಗ ಅಧಿಕಾರದಿಂದ ಕೆಳಗಿಳಿಯಲಿದೆ. ಬೆಲೆ ಏರಿಕೆ, ಭ್ರಷ್ಟಾಚಾರದಿಂದ ಜನ ಬೇಸತ್ತಿದ್ದಾರೆ. ಸರ್ಕಾರದ ವೈಫಲ್ಯಗಳ ವಿರುದ್ಧ ಬಿಜೆಪಿ ರಾಜ್ಯವ್ಯಾಪಿ ಹೋರಾಟ ನಡೆಸಲಿದೆ. ಈ ಸರ್ಕಾರ ಹೆಚ್ಚು ದಿನ ಉಳಿಯುವುದಿಲ್ಲ ಎಂದು ಭವಿಷ್ಯ ನುಡಿದರು. ಇದು ಡಿ.ಕೆ.ಶಿವಕುಮಾರ್ ಅವರ ಸಹನೆಯ ಪರೀಕ್ಷೆ ಆಗಿದೆ. ಜನರು ಎಲ್ಲವನ್ನೂ ಗಮನಿಸುತ್ತಿದ್ದಾರೆ ಎಂದರು.
